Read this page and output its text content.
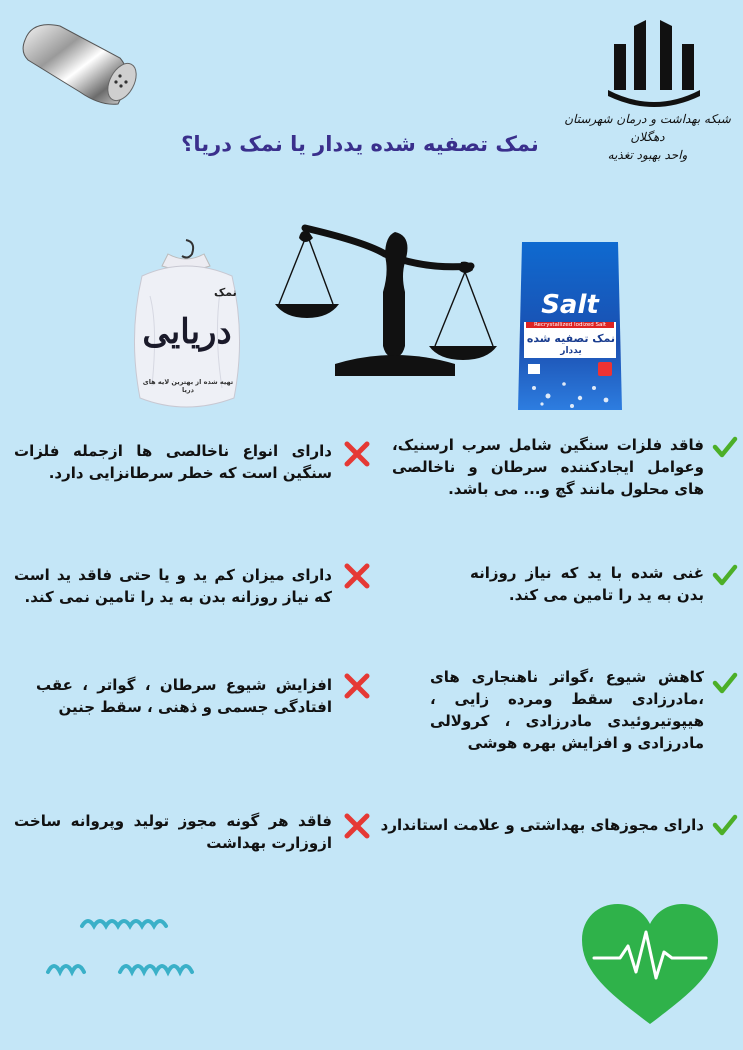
شبکه بهداشت و درمان شهرستان دهگلان
واحد بهبود تغذیه
نمک تصفیه شده یددار یا نمک دریا؟
نمک
دریایی
تهیه شده از بهترین لایه های دریا
Salt
Recrystallized Iodized Salt
نمک تصفیه شده
یددار
فاقد فلزات سنگین شامل سرب ارسنیک، وعوامل ایجادکننده سرطان و ناخالصی های محلول مانند گچ و... می باشد.
دارای انواع ناخالصی ها ازجمله فلزات سنگین است که خطر سرطانزایی دارد.
غنی شده با ید که نیاز روزانه بدن به ید را تامین می کند.
دارای میزان کم ید و یا حتی فاقد ید است که نیاز روزانه بدن به ید را تامین نمی کند.
کاهش شیوع ،گواتر ناهنجاری های ،مادرزادی سقط ومرده زایی ، هیپوتیروئیدی مادرزادی ، کرولالی مادرزادی و افزایش بهره هوشی
افزایش شیوع سرطان ، گواتر ، عقب افتادگی جسمی و ذهنی ، سقط جنین
دارای مجوزهای بهداشتی و علامت استاندارد
فاقد هر گونه مجوز تولید وپروانه ساخت ازوزارت بهداشت
